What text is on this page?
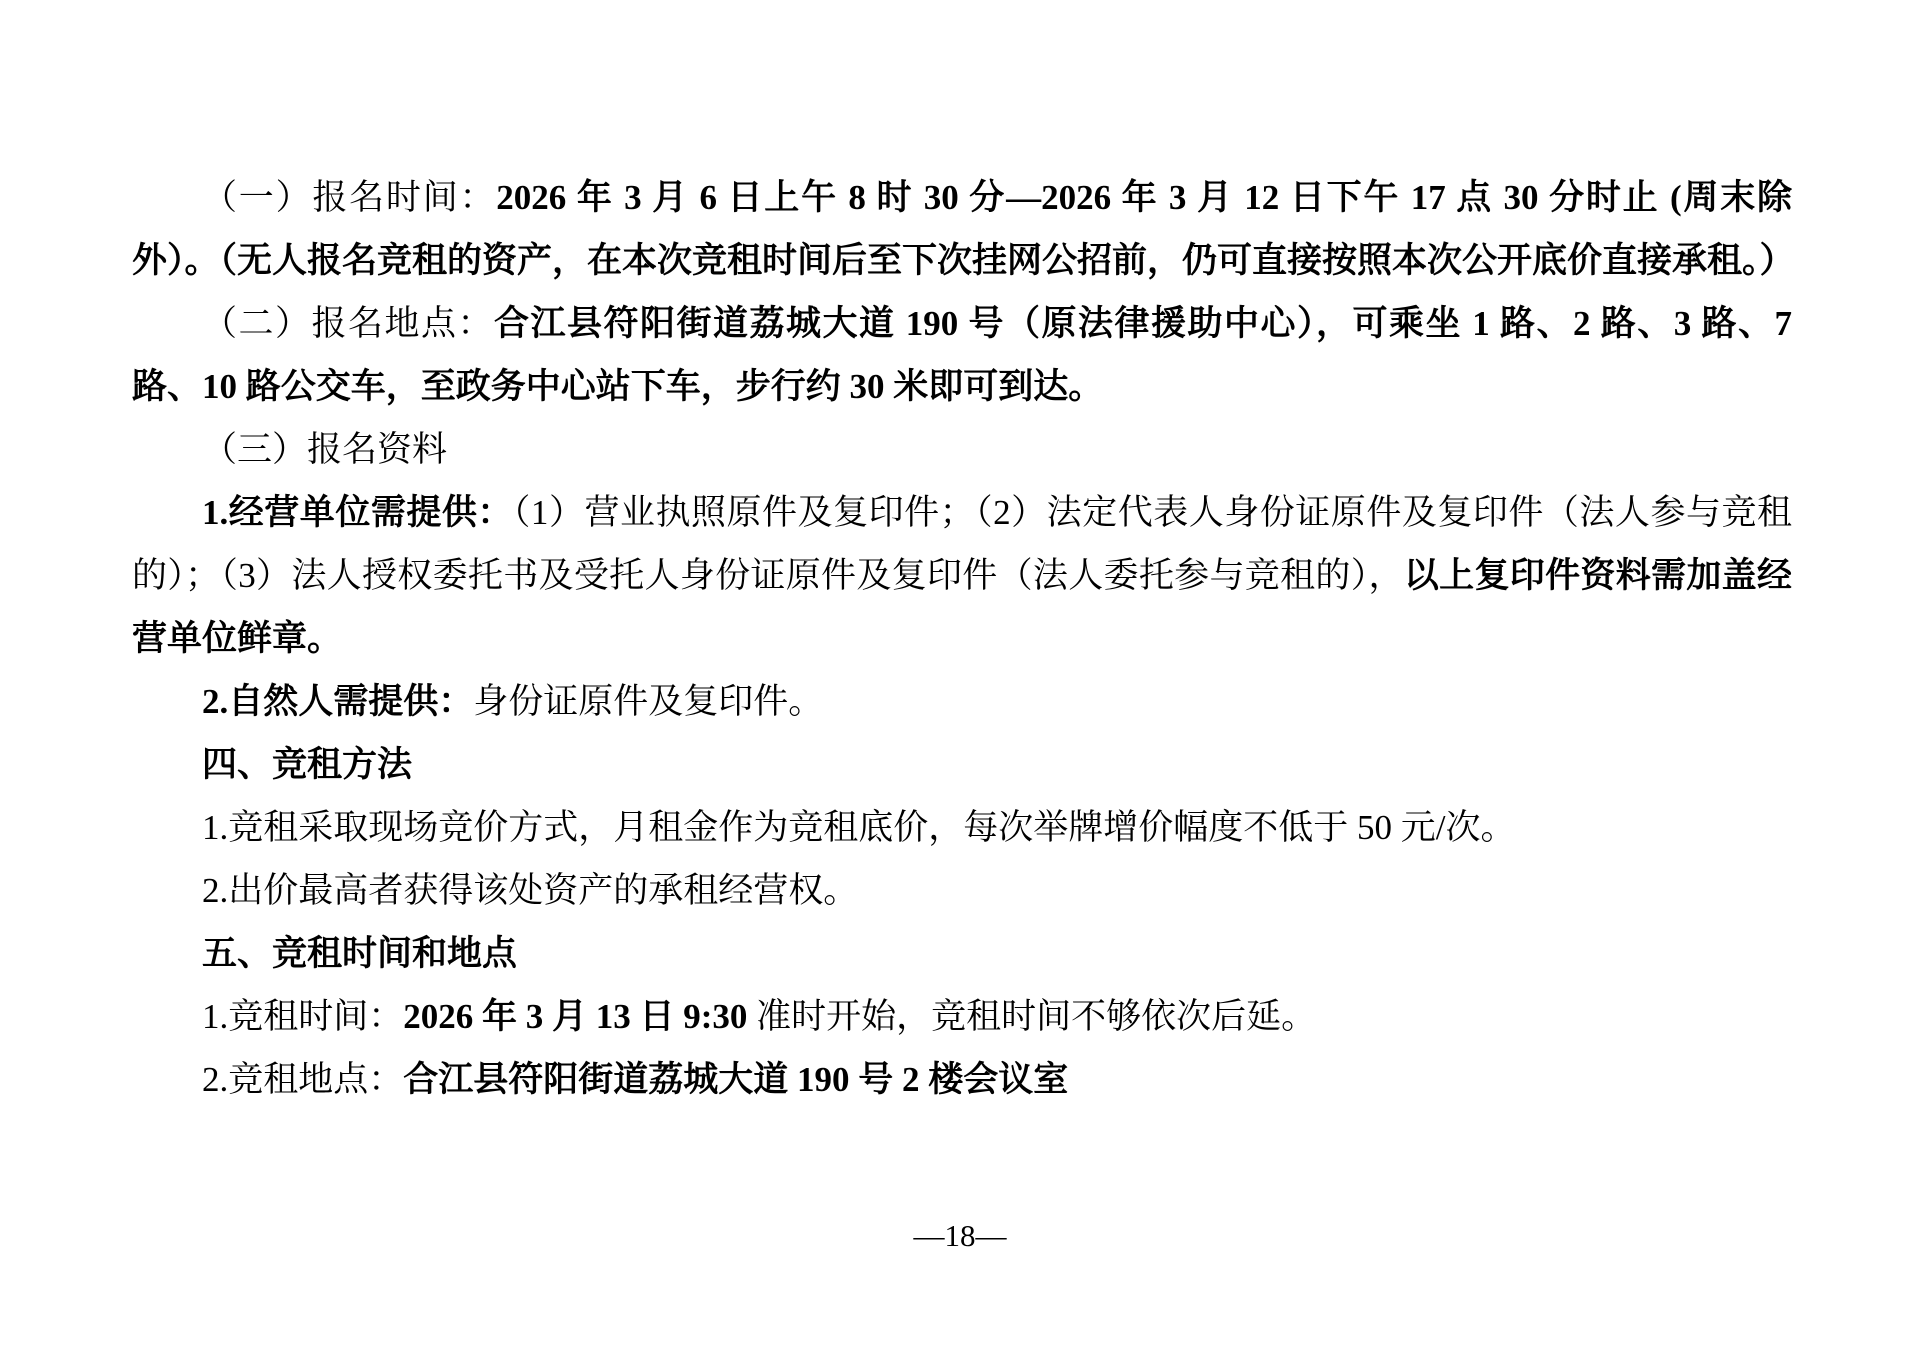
（一）报名时间：2026 年 3 月 6 日上午 8 时 30 分—2026 年 3 月 12 日下午 17 点 30 分时止 (周末除外）。（无人报名竞租的资产，在本次竞租时间后至下次挂网公招前，仍可直接按照本次公开底价直接承租。）

（二）报名地点：合江县符阳街道荔城大道 190 号（原法律援助中心），可乘坐 1 路、2 路、3 路、7 路、10 路公交车，至政务中心站下车，步行约 30 米即可到达。

（三）报名资料

1.经营单位需提供：（1）营业执照原件及复印件；（2）法定代表人身份证原件及复印件（法人参与竞租的）；（3）法人授权委托书及受托人身份证原件及复印件（法人委托参与竞租的），以上复印件资料需加盖经营单位鲜章。

2.自然人需提供：身份证原件及复印件。

四、竞租方法

1.竞租采取现场竞价方式，月租金作为竞租底价，每次举牌增价幅度不低于 50 元/次。

2.出价最高者获得该处资产的承租经营权。

五、竞租时间和地点

1.竞租时间：2026 年 3 月 13 日 9:30 准时开始，竞租时间不够依次后延。

2.竞租地点：合江县符阳街道荔城大道 190 号 2 楼会议室

—18—
